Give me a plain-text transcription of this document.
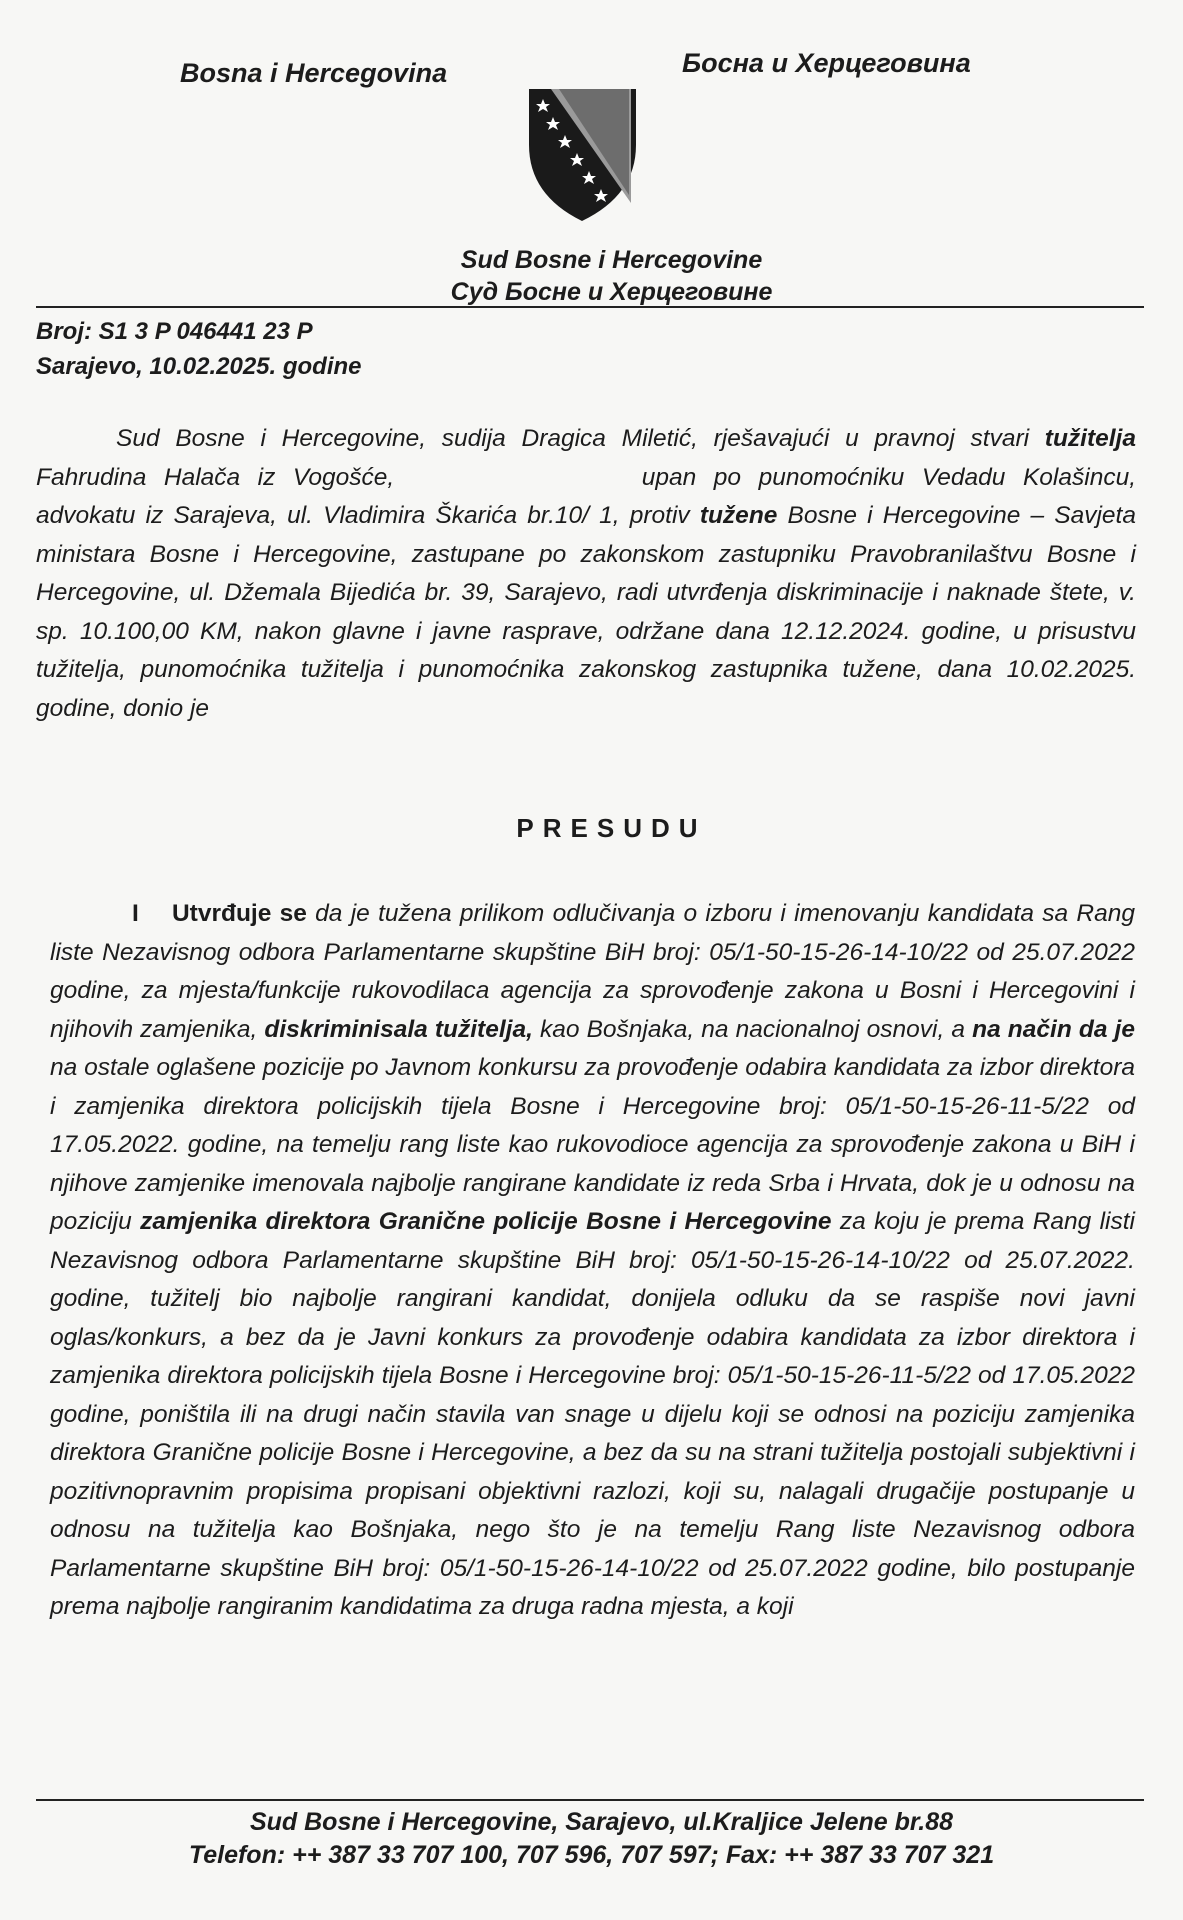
Bosna i Hercegovina	Босна и Херцеговина
Sud Bosne i Hercegovine
Суд Босне и Херцеговине
Broj: S1 3 P 046441 23 P
Sarajevo, 10.02.2025. godine
Sud Bosne i Hercegovine, sudija Dragica Miletić, rješavajući u pravnoj stvari tužitelja Fahrudina Halača iz Vogošće,	upan po punomoćniku Vedadu Kolašincu, advokatu iz Sarajeva, ul. Vladimira Škarića br.10/ 1, protiv tužene Bosne i Hercegovine – Savjeta ministara Bosne i Hercegovine, zastupane po zakonskom zastupniku Pravobranilaštvu Bosne i Hercegovine, ul. Džemala Bijedića br. 39, Sarajevo, radi utvrđenja diskriminacije i naknade štete, v. sp. 10.100,00 KM, nakon glavne i javne rasprave, održane dana 12.12.2024. godine, u prisustvu tužitelja, punomoćnika tužitelja i punomoćnika zakonskog zastupnika tužene, dana 10.02.2025. godine, donio je
PRESUDU
I Utvrđuje se da je tužena prilikom odlučivanja o izboru i imenovanju kandidata sa Rang liste Nezavisnog odbora Parlamentarne skupštine BiH broj: 05/1-50-15-26-14-10/22 od 25.07.2022 godine, za mjesta/funkcije rukovodilaca agencija za sprovođenje zakona u Bosni i Hercegovini i njihovih zamjenika, diskriminisala tužitelja, kao Bošnjaka, na nacionalnoj osnovi, a na način da je na ostale oglašene pozicije po Javnom konkursu za provođenje odabira kandidata za izbor direktora i zamjenika direktora policijskih tijela Bosne i Hercegovine broj: 05/1-50-15-26-11-5/22 od 17.05.2022. godine, na temelju rang liste kao rukovodioce agencija za sprovođenje zakona u BiH i njihove zamjenike imenovala najbolje rangirane kandidate iz reda Srba i Hrvata, dok je u odnosu na poziciju zamjenika direktora Granične policije Bosne i Hercegovine za koju je prema Rang listi Nezavisnog odbora Parlamentarne skupštine BiH broj: 05/1-50-15-26-14-10/22 od 25.07.2022. godine, tužitelj bio najbolje rangirani kandidat, donijela odluku da se raspiše novi javni oglas/konkurs, a bez da je Javni konkurs za provođenje odabira kandidata za izbor direktora i zamjenika direktora policijskih tijela Bosne i Hercegovine broj: 05/1-50-15-26-11-5/22 od 17.05.2022 godine, poništila ili na drugi način stavila van snage u dijelu koji se odnosi na poziciju zamjenika direktora Granične policije Bosne i Hercegovine, a bez da su na strani tužitelja postojali subjektivni i pozitivnopravnim propisima propisani objektivni razlozi, koji su, nalagali drugačije postupanje u odnosu na tužitelja kao Bošnjaka, nego što je na temelju Rang liste Nezavisnog odbora Parlamentarne skupštine BiH broj: 05/1-50-15-26-14-10/22 od 25.07.2022 godine, bilo postupanje prema najbolje rangiranim kandidatima za druga radna mjesta, a koji
Sud Bosne i Hercegovine, Sarajevo, ul.Kraljice Jelene br.88
Telefon: ++ 387 33 707 100, 707 596, 707 597; Fax: ++ 387 33 707 321
